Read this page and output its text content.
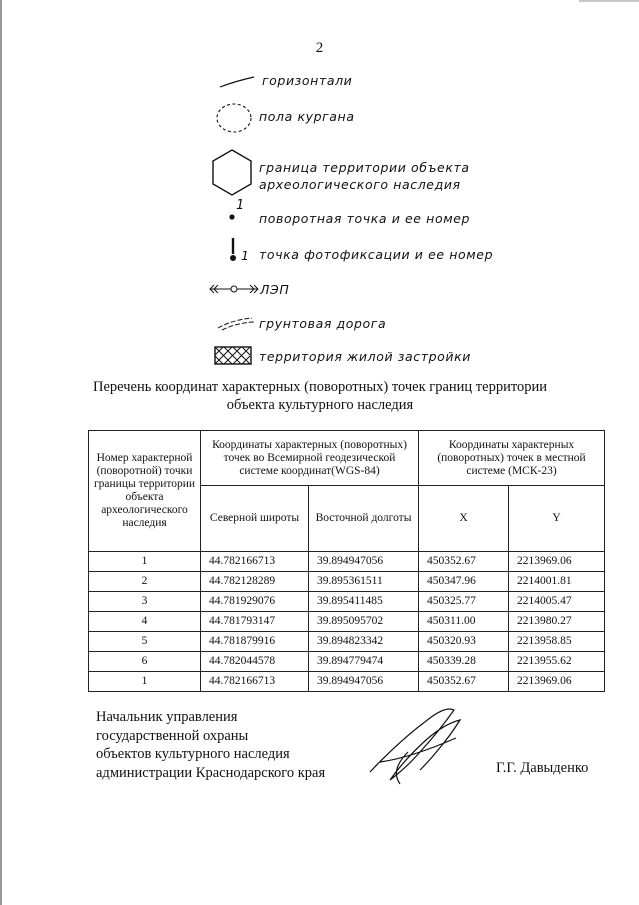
2
горизонтали
пола кургана
граница территории объекта
археологического наследия
1
поворотная точка и ее номер
1 точка фотофиксации и ее номер
ЛЭП
грунтовая дорога
территория жилой застройки
Перечень координат характерных (поворотных) точек границ территории
объекта культурного наследия
Номер характерной (поворотной) точки границы территории объекта археологического наследия	Координаты характерных (поворотных) точек во Всемирной геодезической системе координат(WGS-84)		Координаты характерных (поворотных) точек в местной системе (МСК-23)	
	Северной широты	Восточной долготы	X	Y
1	44.782166713	39.894947056	450352.67	2213969.06
2	44.782128289	39.895361511	450347.96	2214001.81
3	44.781929076	39.895411485	450325.77	2214005.47
4	44.781793147	39.895095702	450311.00	2213980.27
5	44.781879916	39.894823342	450320.93	2213958.85
6	44.782044578	39.894779474	450339.28	2213955.62
1	44.782166713	39.894947056	450352.67	2213969.06
Начальник управления
государственной охраны
объектов культурного наследия
администрации Краснодарского края	Г.Г. Давыденко
